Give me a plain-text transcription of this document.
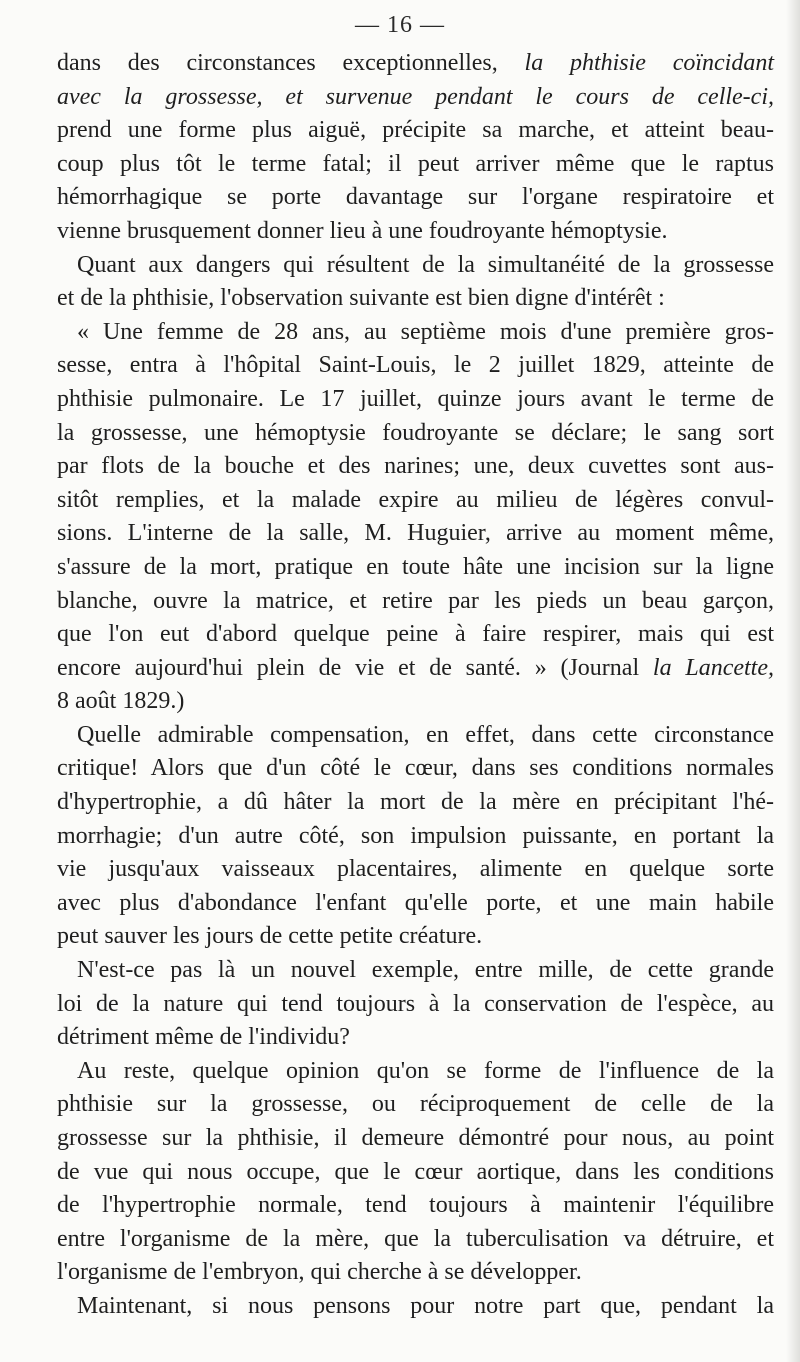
— 16 —
dans des circonstances exceptionnelles, la phthisie coïncidant
avec la grossesse, et survenue pendant le cours de celle-ci,
prend une forme plus aiguë, précipite sa marche, et atteint beau-
coup plus tôt le terme fatal; il peut arriver même que le raptus
hémorrhagique se porte davantage sur l'organe respiratoire et
vienne brusquement donner lieu à une foudroyante hémoptysie.
Quant aux dangers qui résultent de la simultanéité de la grossesse
et de la phthisie, l'observation suivante est bien digne d'intérêt :
« Une femme de 28 ans, au septième mois d'une première gros-
sesse, entra à l'hôpital Saint-Louis, le 2 juillet 1829, atteinte de
phthisie pulmonaire. Le 17 juillet, quinze jours avant le terme de
la grossesse, une hémoptysie foudroyante se déclare; le sang sort
par flots de la bouche et des narines; une, deux cuvettes sont aus-
sitôt remplies, et la malade expire au milieu de légères convul-
sions. L'interne de la salle, M. Huguier, arrive au moment même,
s'assure de la mort, pratique en toute hâte une incision sur la ligne
blanche, ouvre la matrice, et retire par les pieds un beau garçon,
que l'on eut d'abord quelque peine à faire respirer, mais qui est
encore aujourd'hui plein de vie et de santé. » (Journal la Lancette,
8 août 1829.)
Quelle admirable compensation, en effet, dans cette circonstance
critique! Alors que d'un côté le cœur, dans ses conditions normales
d'hypertrophie, a dû hâter la mort de la mère en précipitant l'hé-
morrhagie; d'un autre côté, son impulsion puissante, en portant la
vie jusqu'aux vaisseaux placentaires, alimente en quelque sorte
avec plus d'abondance l'enfant qu'elle porte, et une main habile
peut sauver les jours de cette petite créature.
N'est-ce pas là un nouvel exemple, entre mille, de cette grande
loi de la nature qui tend toujours à la conservation de l'espèce, au
détriment même de l'individu?
Au reste, quelque opinion qu'on se forme de l'influence de la
phthisie sur la grossesse, ou réciproquement de celle de la
grossesse sur la phthisie, il demeure démontré pour nous, au point
de vue qui nous occupe, que le cœur aortique, dans les conditions
de l'hypertrophie normale, tend toujours à maintenir l'équilibre
entre l'organisme de la mère, que la tuberculisation va détruire, et
l'organisme de l'embryon, qui cherche à se développer.
Maintenant, si nous pensons pour notre part que, pendant la
